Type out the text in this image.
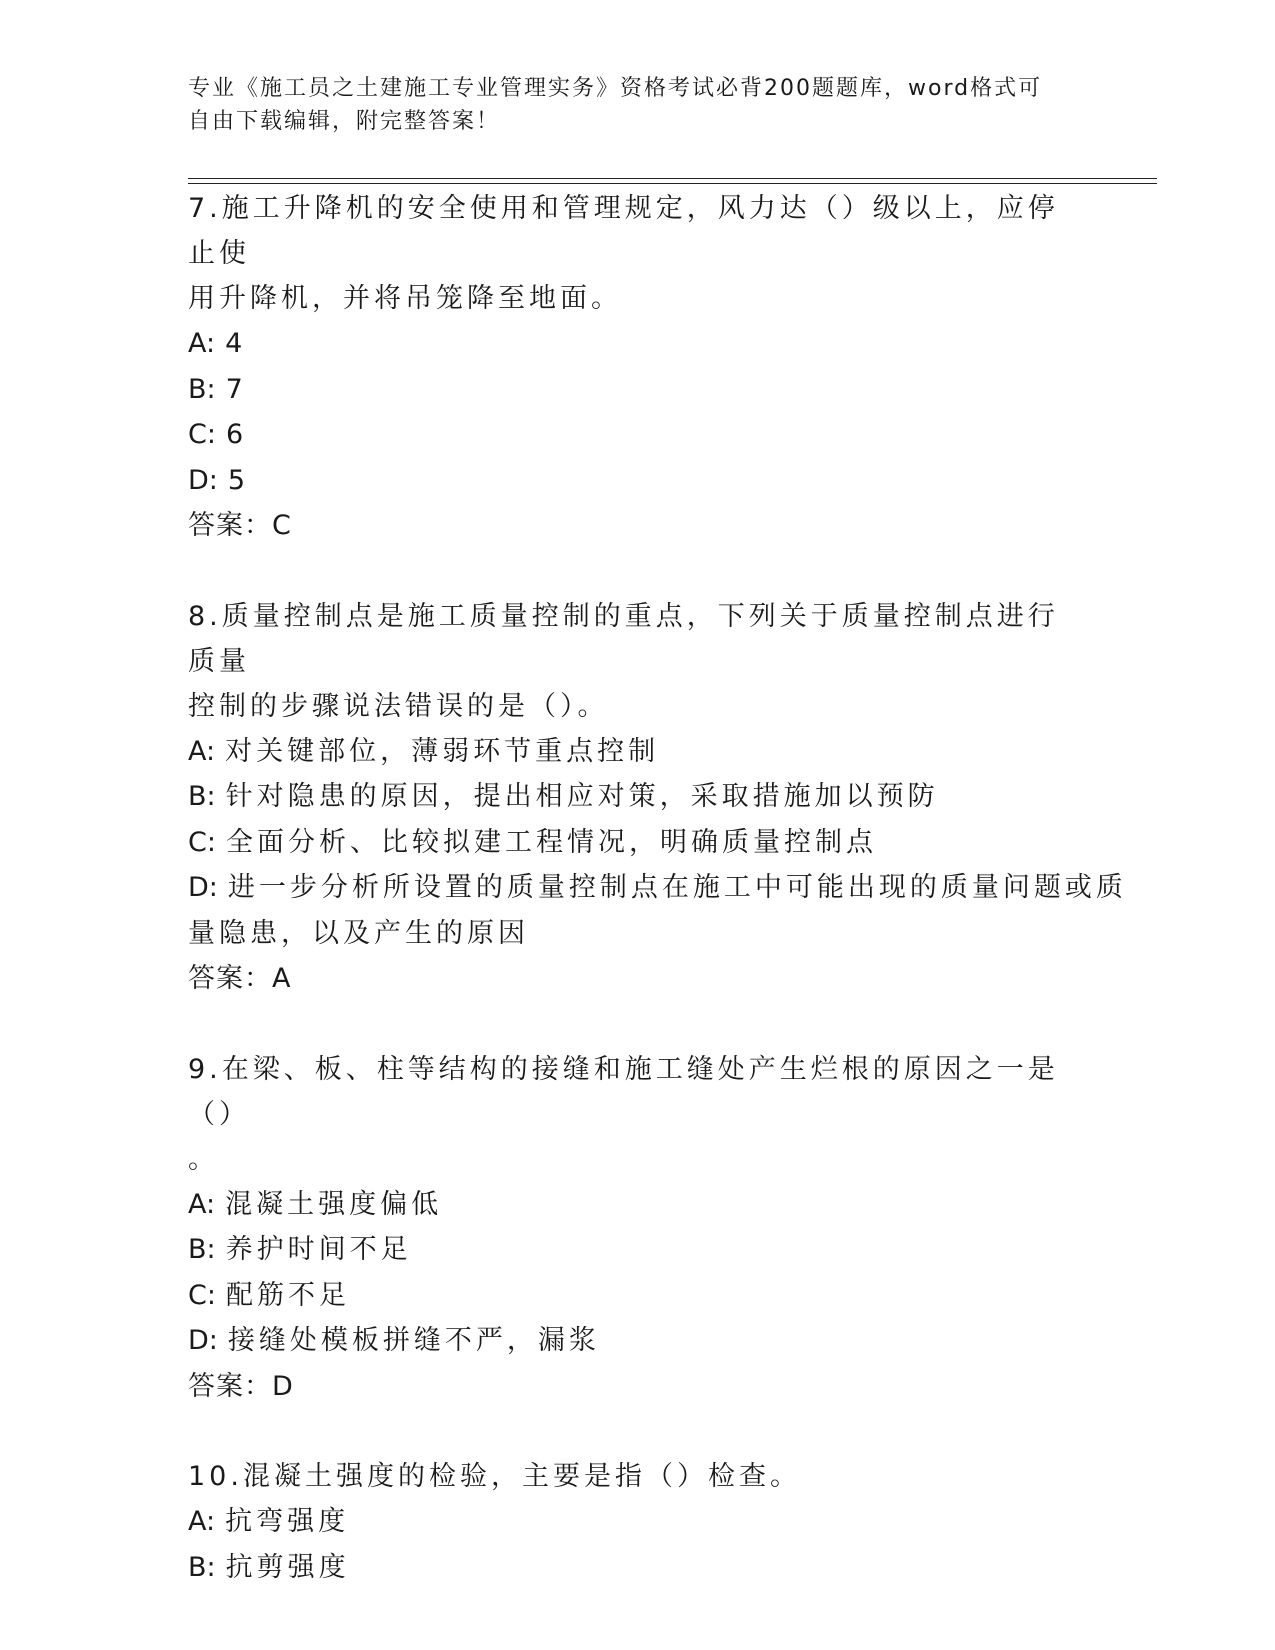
专业《施工员之土建施工专业管理实务》资格考试必背200题题库，word格式可
自由下载编辑，附完整答案！

7.施工升降机的安全使用和管理规定，风力达（）级以上，应停止使
用升降机，并将吊笼降至地面。

A: 4

B: 7

C: 6

D: 5

答案：C

8.质量控制点是施工质量控制的重点，下列关于质量控制点进行质量
控制的步骤说法错误的是（）。

A: 对关键部位，薄弱环节重点控制

B: 针对隐患的原因，提出相应对策，采取措施加以预防

C: 全面分析、比较拟建工程情况，明确质量控制点

D: 进一步分析所设置的质量控制点在施工中可能出现的质量问题或质
量隐患，以及产生的原因

答案：A

9.在梁、板、柱等结构的接缝和施工缝处产生烂根的原因之一是（）
。

A: 混凝土强度偏低

B: 养护时间不足

C: 配筋不足

D: 接缝处模板拼缝不严，漏浆

答案：D

10.混凝土强度的检验，主要是指（）检查。

A: 抗弯强度

B: 抗剪强度
